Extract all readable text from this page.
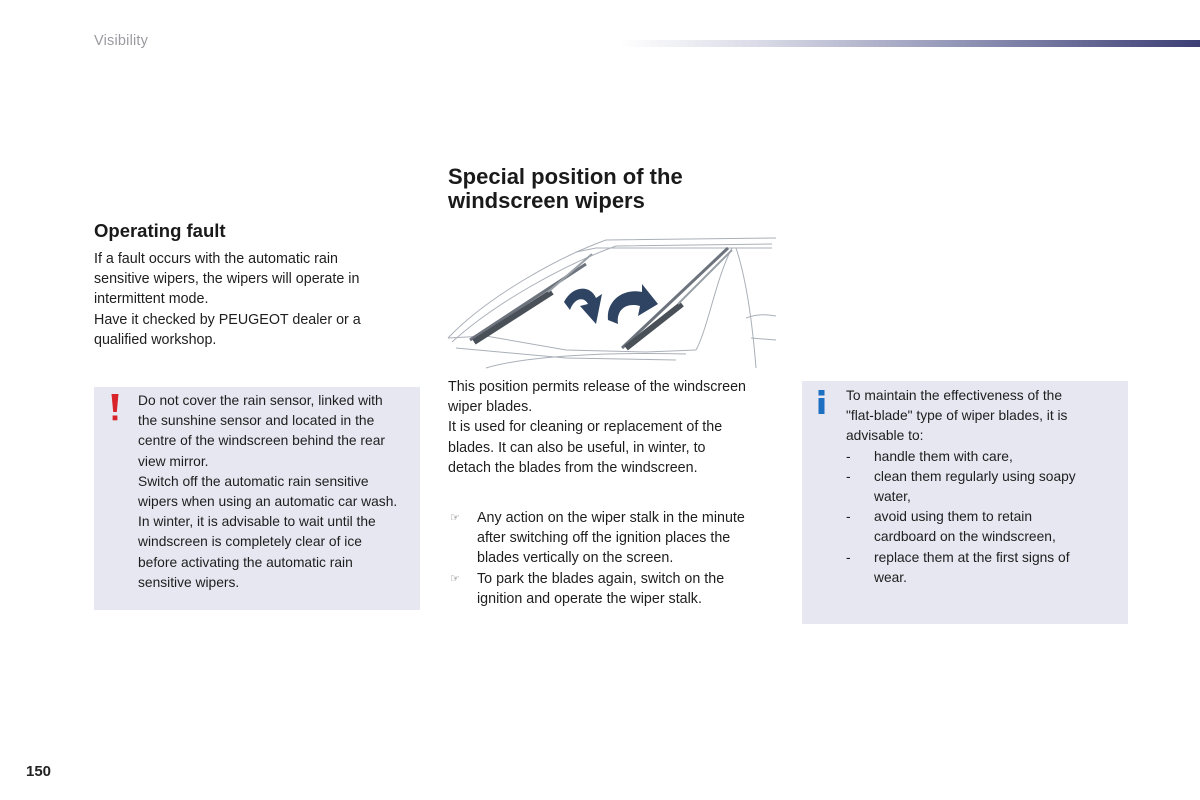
Visibility
Special position of the
windscreen wipers
Operating fault

If a fault occurs with the automatic rain

sensitive wipers, the wipers will operate in

intermittent mode.

Have it checked by PEUGEOT dealer or a

qualified workshop.

Do not cover the rain sensor, linked with

the sunshine sensor and located in the

centre of the windscreen behind the rear

view mirror.

Switch off the automatic rain sensitive

wipers when using an automatic car wash.

In winter, it is advisable to wait until the

windscreen is completely clear of ice

before activating the automatic rain

sensitive wipers.

This position permits release of the windscreen

wiper blades.

It is used for cleaning or replacement of the

blades. It can also be useful, in winter, to

detach the blades from the windscreen.

☞ Any action on the wiper stalk in the minute
after switching off the ignition places the
blades vertically on the screen.
☞ To park the blades again, switch on the
ignition and operate the wiper stalk.

To maintain the effectiveness of the

"flat-blade" type of wiper blades, it is

advisable to:

- handle them with care,
- clean them regularly using soapy
water,
- avoid using them to retain
cardboard on the windscreen,
- replace them at the first signs of
wear.
150
